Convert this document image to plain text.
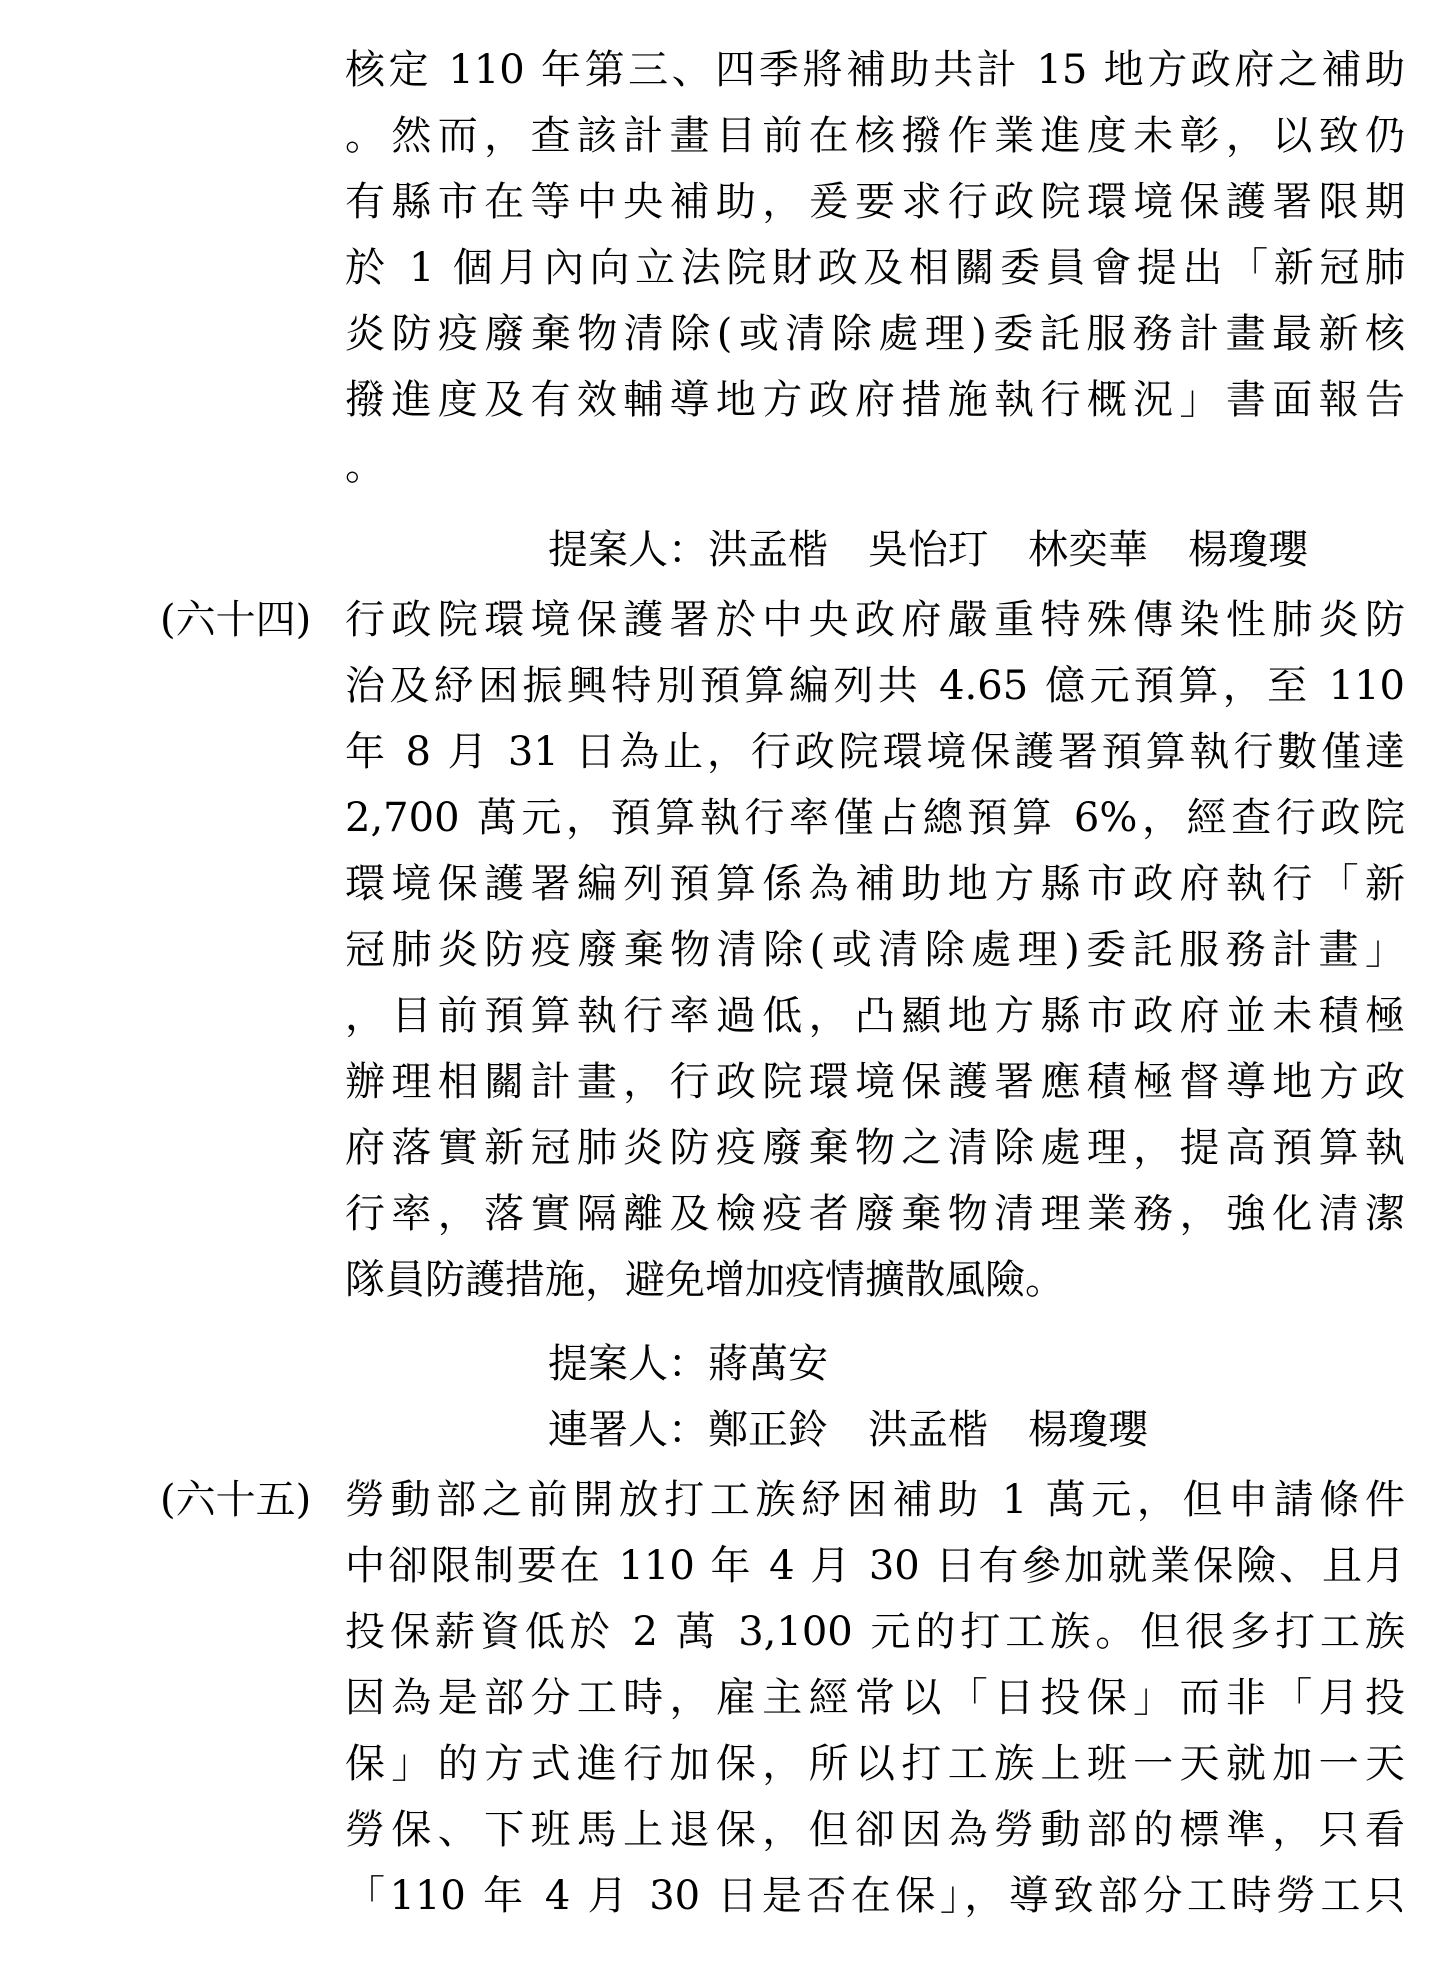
核定 110 年第三、四季將補助共計 15 地方政府之補助
。然而，查該計畫目前在核撥作業進度未彰，以致仍
有縣市在等中央補助，爰要求行政院環境保護署限期
於 1 個月內向立法院財政及相關委員會提出「新冠肺
炎防疫廢棄物清除(或清除處理)委託服務計畫最新核
撥進度及有效輔導地方政府措施執行概況」書面報告
。
提案人：洪孟楷　吳怡玎　林奕華　楊瓊瓔
(六十四) 行政院環境保護署於中央政府嚴重特殊傳染性肺炎防
治及紓困振興特別預算編列共 4.65 億元預算，至 110
年 8 月 31 日為止，行政院環境保護署預算執行數僅達
2,700 萬元，預算執行率僅占總預算 6%，經查行政院
環境保護署編列預算係為補助地方縣市政府執行「新
冠肺炎防疫廢棄物清除(或清除處理)委託服務計畫」
，目前預算執行率過低，凸顯地方縣市政府並未積極
辦理相關計畫，行政院環境保護署應積極督導地方政
府落實新冠肺炎防疫廢棄物之清除處理，提高預算執
行率，落實隔離及檢疫者廢棄物清理業務，強化清潔
隊員防護措施，避免增加疫情擴散風險。
提案人：蔣萬安
連署人：鄭正鈴　洪孟楷　楊瓊瓔
(六十五) 勞動部之前開放打工族紓困補助 1 萬元，但申請條件
中卻限制要在 110 年 4 月 30 日有參加就業保險、且月
投保薪資低於 2 萬 3,100 元的打工族。但很多打工族
因為是部分工時，雇主經常以「日投保」而非「月投
保」的方式進行加保，所以打工族上班一天就加一天
勞保、下班馬上退保，但卻因為勞動部的標準，只看
「110 年 4 月 30 日是否在保」，導致部分工時勞工只
